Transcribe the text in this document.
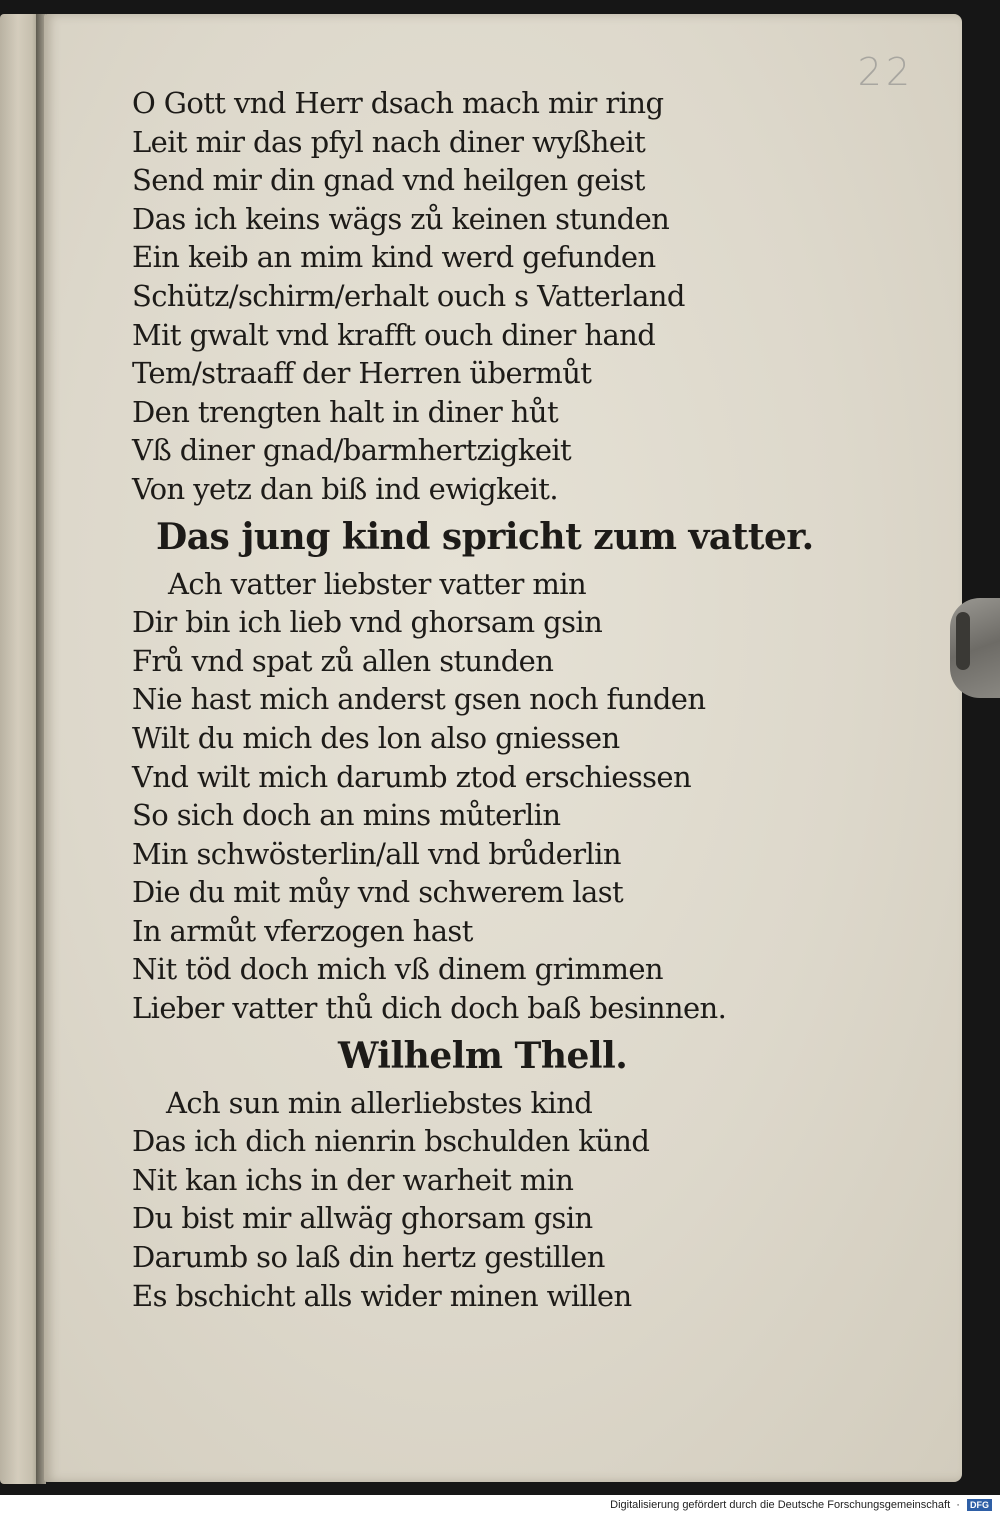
22
O Gott vnd Herr dsach mach mir ring
Leit mir das pfyl nach diner wyßheit
Send mir din gnad vnd heilgen geist
Das ich keins wägs zů keinen stunden
Ein keib an mim kind werd gefunden
Schütz/schirm/erhalt ouch s Vatterland
Mit gwalt vnd krafft ouch diner hand
Tem/straaff der Herren übermůt
Den trengten halt in diner hůt
Vß diner gnad/barmhertzigkeit
Von yetz dan biß ind ewigkeit.
Das jung kind spricht zum vatter.
Ach vatter liebster vatter min
Dir bin ich lieb vnd ghorsam gsin
Frů vnd spat zů allen stunden
Nie hast mich anderst gsen noch funden
Wilt du mich des lon also gniessen
Vnd wilt mich darumb ztod erschiessen
So sich doch an mins můterlin
Min schwösterlin/all vnd brůderlin
Die du mit můy vnd schwerem last
In armůt vferzogen hast
Nit töd doch mich vß dinem grimmen
Lieber vatter thů dich doch baß besinnen.
Wilhelm Thell.
Ach sun min allerliebstes kind
Das ich dich nienrin bschulden künd
Nit kan ichs in der warheit min
Du bist mir allwäg ghorsam gsin
Darumb so laß din hertz gestillen
Es bschicht alls wider minen willen
Digitalisierung gefördert durch die Deutsche Forschungsgemeinschaft  · DFG
